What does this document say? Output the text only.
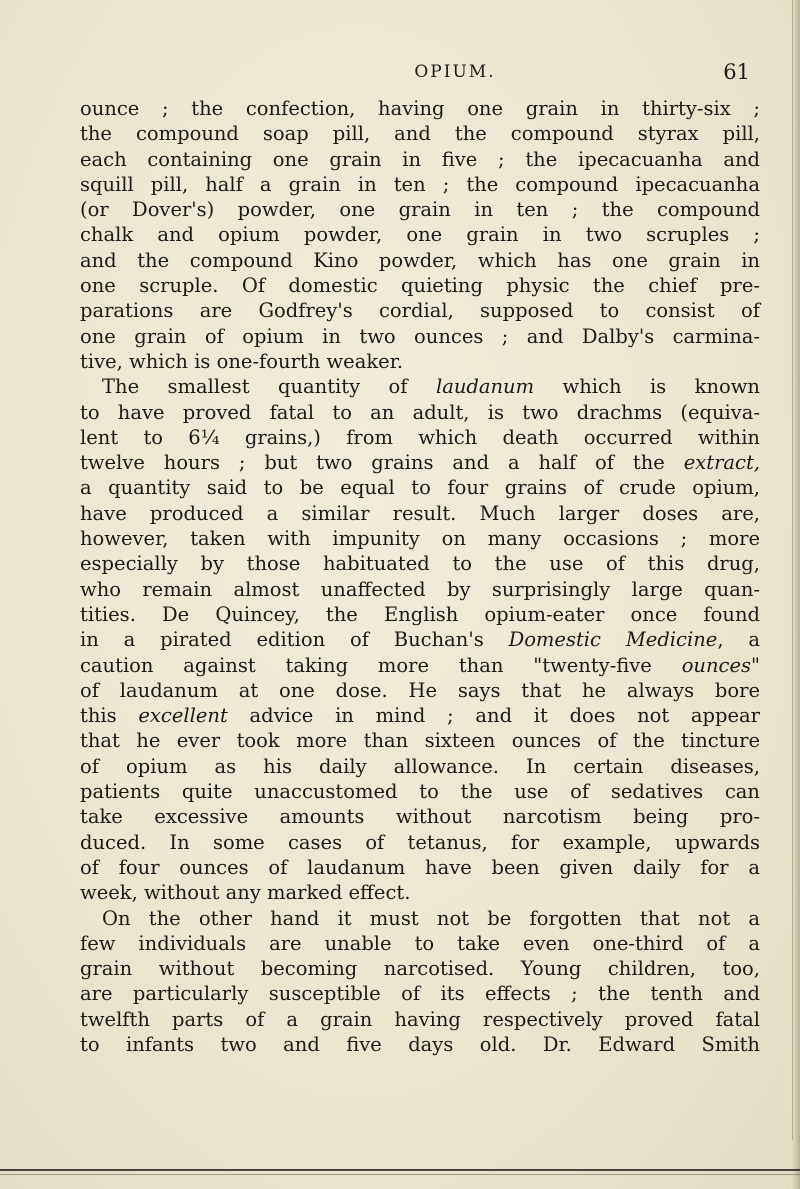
OPIUM.	61
ounce ; the confection, having one grain in thirty-six ;
the compound soap pill, and the compound styrax pill,
each containing one grain in five ; the ipecacuanha and
squill pill, half a grain in ten ; the compound ipecacuanha
(or Dover's) powder, one grain in ten ; the compound
chalk and opium powder, one grain in two scruples ;
and the compound Kino powder, which has one grain in
one scruple. Of domestic quieting physic the chief pre-
parations are Godfrey's cordial, supposed to consist of
one grain of opium in two ounces ; and Dalby's carmina-
tive, which is one-fourth weaker.
The smallest quantity of laudanum which is known
to have proved fatal to an adult, is two drachms (equiva-
lent to 6¼ grains,) from which death occurred within
twelve hours ; but two grains and a half of the extract,
a quantity said to be equal to four grains of crude opium,
have produced a similar result. Much larger doses are,
however, taken with impunity on many occasions ; more
especially by those habituated to the use of this drug,
who remain almost unaffected by surprisingly large quan-
tities. De Quincey, the English opium-eater once found
in a pirated edition of Buchan's Domestic Medicine, a
caution against taking more than "twenty-five ounces"
of laudanum at one dose. He says that he always bore
this excellent advice in mind ; and it does not appear
that he ever took more than sixteen ounces of the tincture
of opium as his daily allowance. In certain diseases,
patients quite unaccustomed to the use of sedatives can
take excessive amounts without narcotism being pro-
duced. In some cases of tetanus, for example, upwards
of four ounces of laudanum have been given daily for a
week, without any marked effect.
On the other hand it must not be forgotten that not a
few individuals are unable to take even one-third of a
grain without becoming narcotised. Young children, too,
are particularly susceptible of its effects ; the tenth and
twelfth parts of a grain having respectively proved fatal
to infants two and five days old. Dr. Edward Smith
